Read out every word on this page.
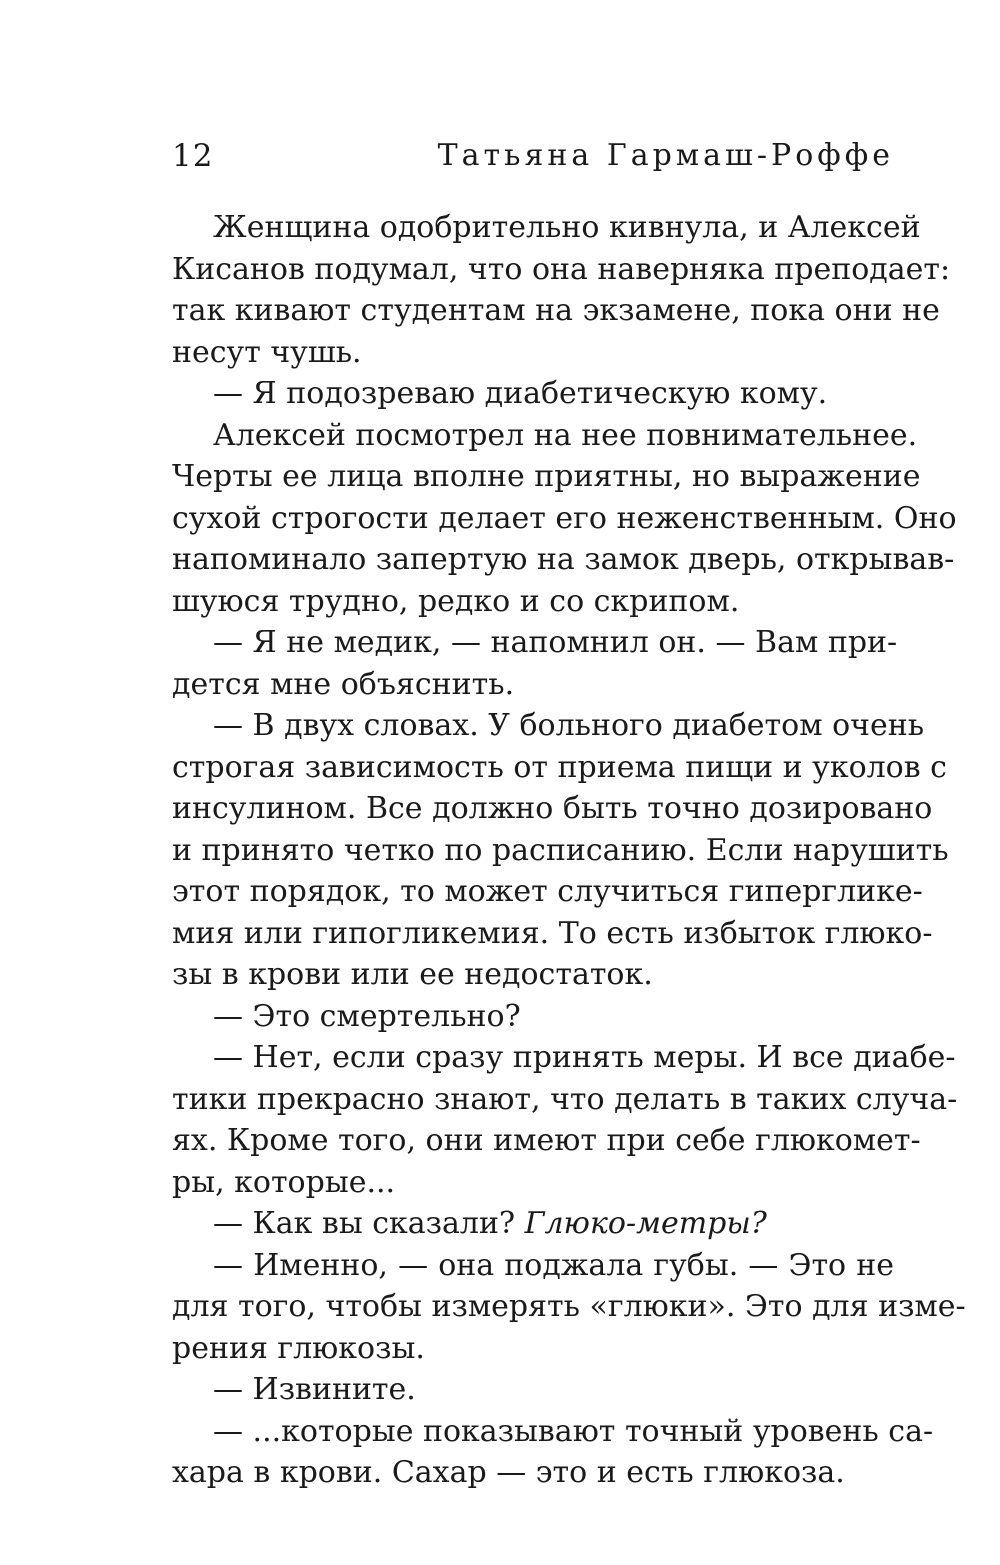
12	Татьяна Гармаш-Роффе
Женщина одобрительно кивнула, и Алексей
Кисанов подумал, что она наверняка преподает:
так кивают студентам на экзамене, пока они не
несут чушь.
— Я подозреваю диабетическую кому.
Алексей посмотрел на нее повнимательнее.
Черты ее лица вполне приятны, но выражение
сухой строгости делает его неженственным. Оно
напоминало запертую на замок дверь, открывав-
шуюся трудно, редко и со скрипом.
— Я не медик, — напомнил он. — Вам при-
дется мне объяснить.
— В двух словах. У больного диабетом очень
строгая зависимость от приема пищи и уколов с
инсулином. Все должно быть точно дозировано
и принято четко по расписанию. Если нарушить
этот порядок, то может случиться гипергликe-
мия или гипогликемия. То есть избыток глюко-
зы в крови или ее недостаток.
— Это смертельно?
— Нет, если сразу принять меры. И все диабе-
тики прекрасно знают, что делать в таких случа-
ях. Кроме того, они имеют при себе глюкомет-
ры, которые...
— Как вы сказали? Глюко-метры?
— Именно, — она поджала губы. — Это не
для того, чтобы измерять «глюки». Это для изме-
рения глюкозы.
— Извините.
— ...которые показывают точный уровень са-
хара в крови. Сахар — это и есть глюкоза.
